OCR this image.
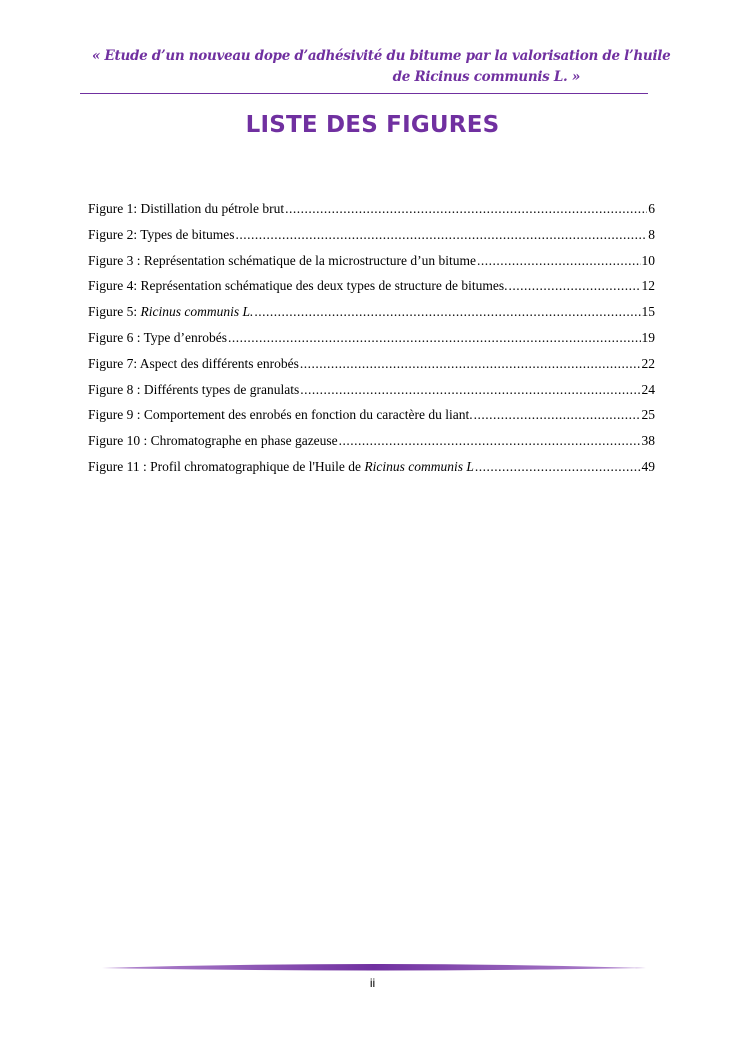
« Etude d’un nouveau dope d’adhésivité du bitume par la valorisation de l’huile
de Ricinus communis L. »
LISTE DES FIGURES
Figure 1: Distillation du pétrole brut .....	6
Figure 2: Types de bitumes .....	8
Figure 3 : Représentation schématique de la microstructure d’un bitume .....	10
Figure 4: Représentation schématique des deux types de structure de bitumes. .....	12
Figure 5: Ricinus communis L. .....	15
Figure 6 : Type d’enrobés .....	19
Figure 7: Aspect des différents enrobés .....	22
Figure 8 : Différents types de granulats .....	24
Figure 9 : Comportement des enrobés en fonction du caractère du liant. .....	25
Figure 10 : Chromatographe en phase gazeuse .....	38
Figure 11 : Profil chromatographique de l'Huile de Ricinus communis L .....	49
ii
